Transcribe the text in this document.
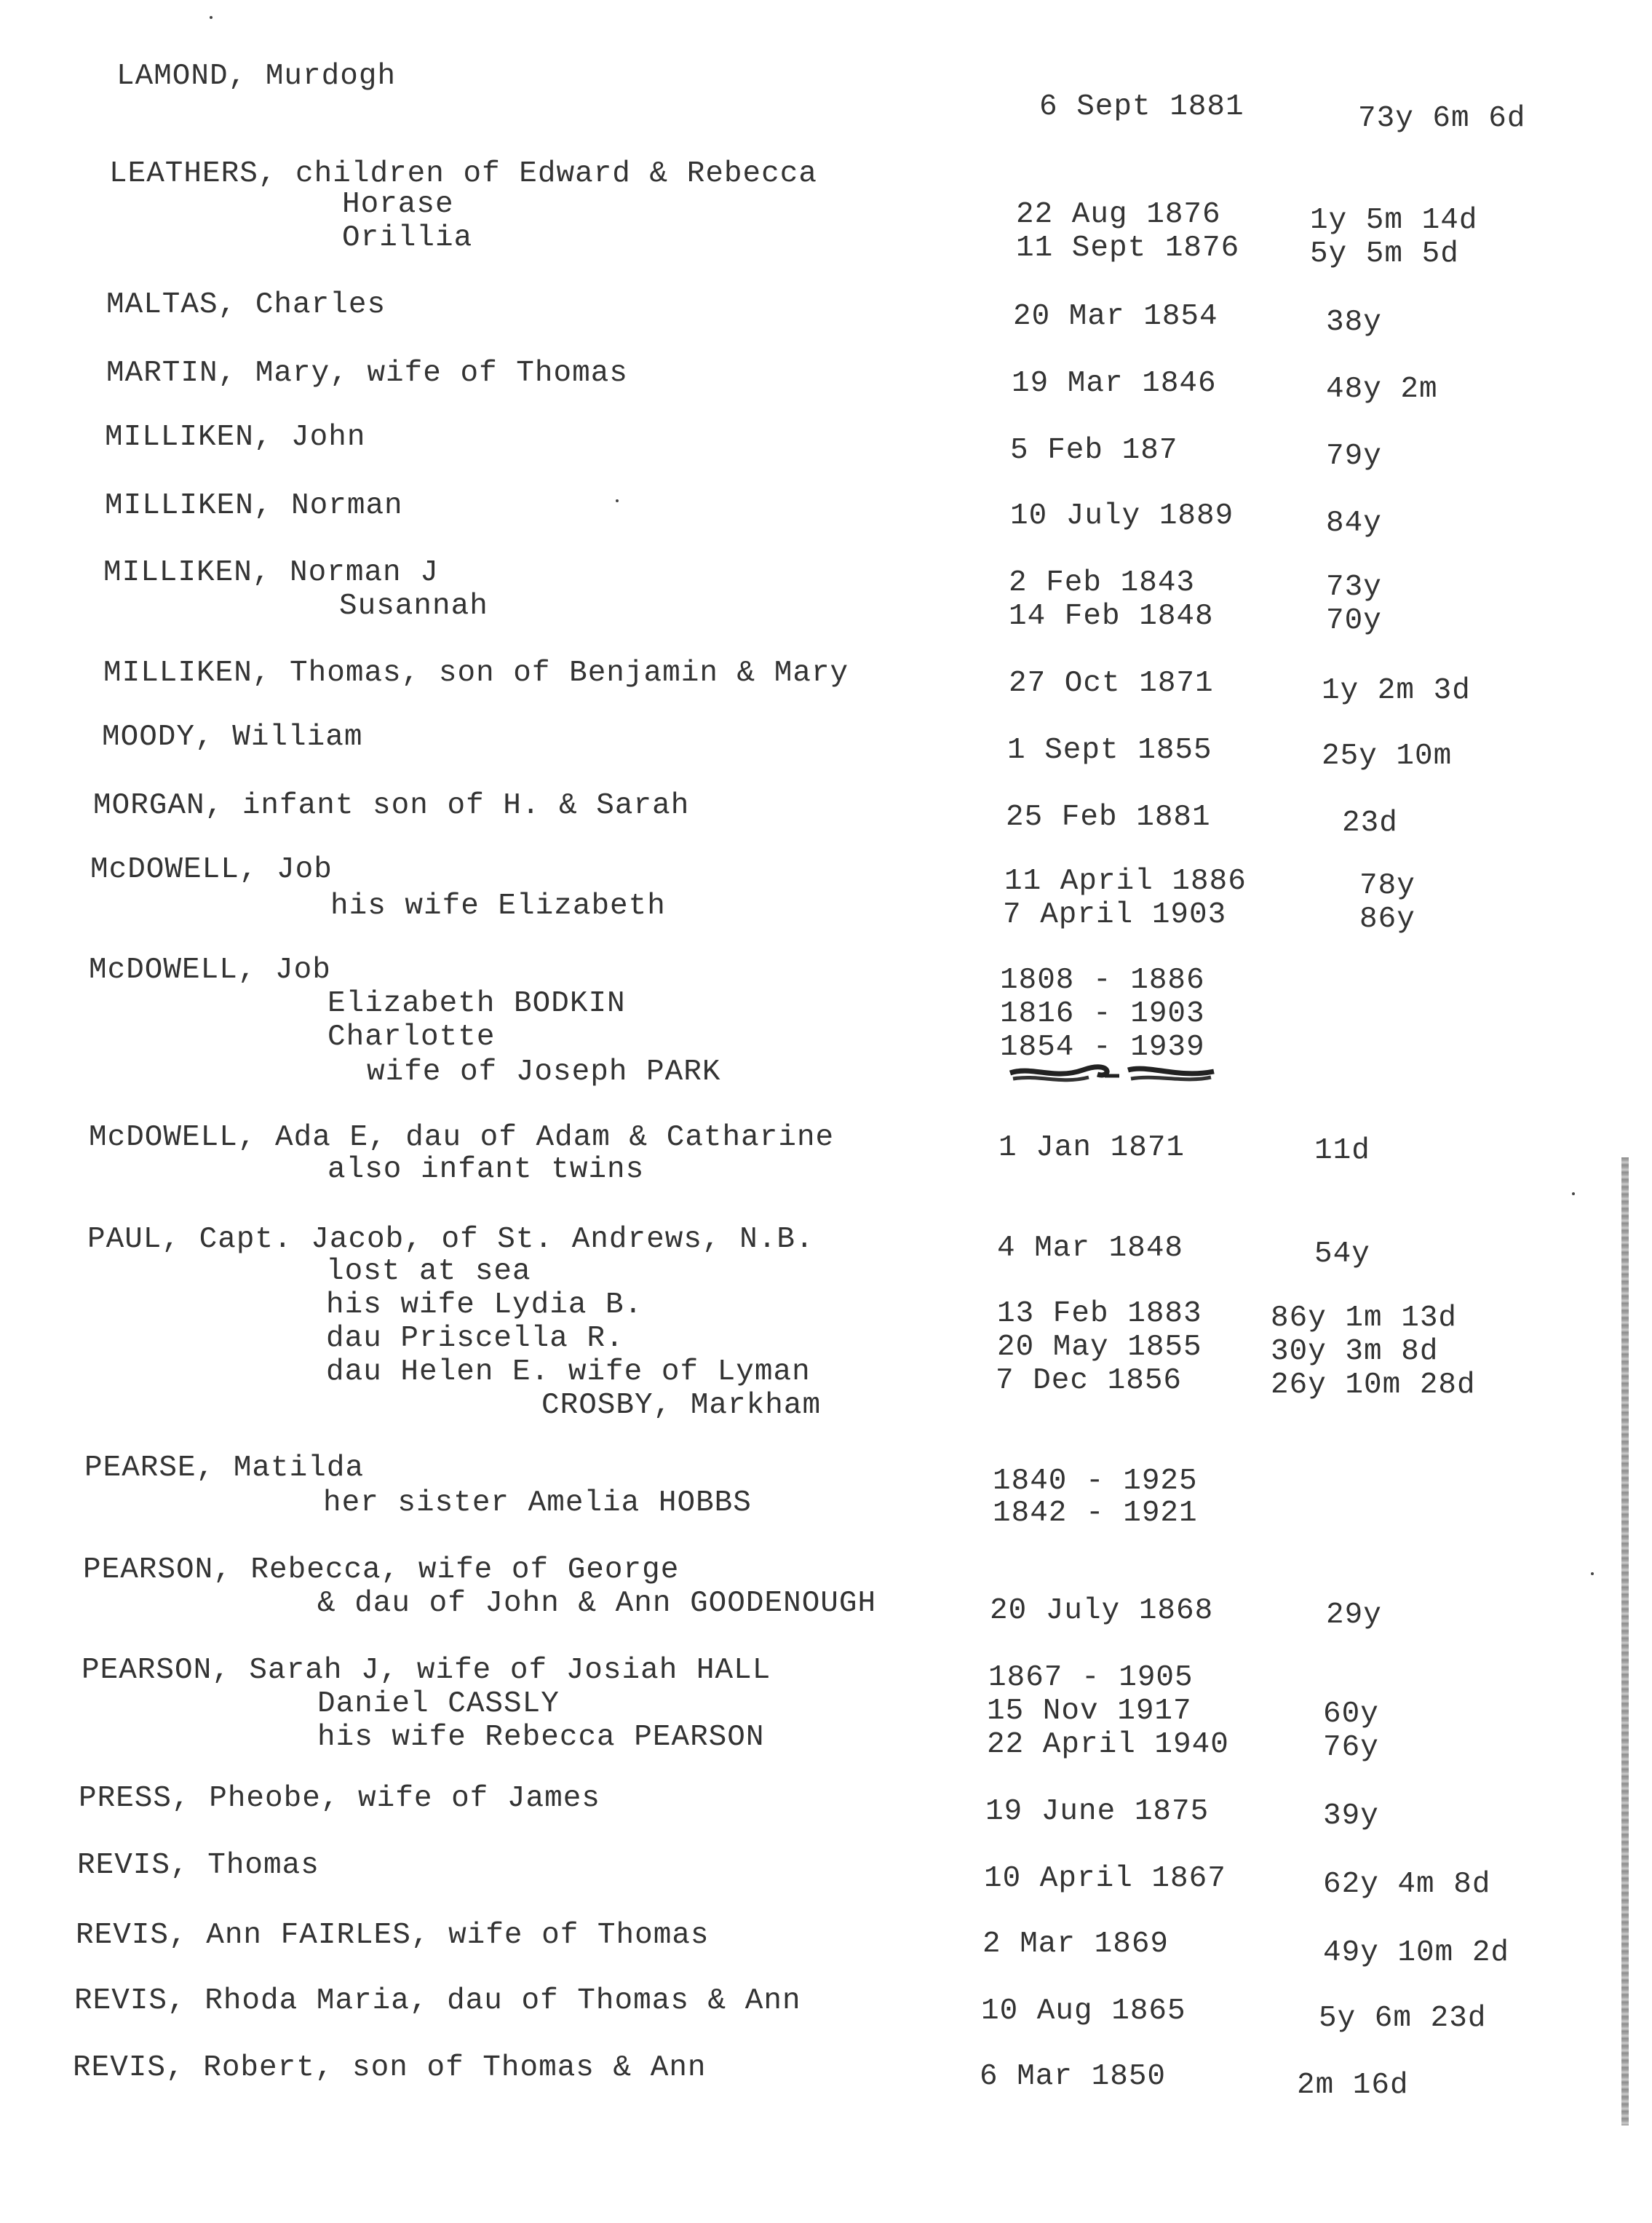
LAMOND, Murdogh
6 Sept 1881	73y 6m 6d
LEATHERS, children of Edward & Rebecca
Horase	22 Aug 1876	1y 5m 14d
Orillia	11 Sept 1876 5y 5m 5d
MALTAS, Charles	20 Mar 1854	38y
MARTIN, Mary, wife of Thomas	19 Mar 1846	48y 2m
MILLIKEN, John	5 Feb 187	79y
MILLIKEN, Norman	10 July 1889	84y
MILLIKEN, Norman J	2 Feb 1843	73y
Susannah	14 Feb 1848	70y
MILLIKEN, Thomas, son of Benjamin & Mary	27 Oct 1871	1y 2m 3d
MOODY, William	1 Sept 1855	25y 10m
MORGAN, infant son of H. & Sarah	25 Feb 1881	23d
McDOWELL, Job	11 April 1886	78y
his wife Elizabeth	7 April 1903	86y
McDOWELL, Job	1808 - 1886
Elizabeth BODKIN	1816 - 1903
Charlotte	1854 - 1939
wife of Joseph PARK
McDOWELL, Ada E, dau of Adam & Catharine	1 Jan 1871	11d
also infant twins
PAUL, Capt. Jacob, of St. Andrews, N.B.	4 Mar 1848	54y
lost at sea
his wife Lydia B.	13 Feb 1883 86y 1m 13d
dau Priscella R.	20 May 1855 30y 3m 8d
dau Helen E. wife of Lyman	7 Dec 1856	26y 10m 28d
CROSBY, Markham
PEARSE, Matilda	1840 - 1925
her sister Amelia HOBBS	1842 - 1921
PEARSON, Rebecca, wife of George
& dau of John & Ann GOODENOUGH	20 July 1868	29y
PEARSON, Sarah J, wife of Josiah HALL	1867 - 1905
Daniel CASSLY	15 Nov 1917	60y
his wife Rebecca PEARSON	22 April 1940	76y
PRESS, Pheobe, wife of James	19 June 1875	39y
REVIS, Thomas	10 April 1867	62y 4m 8d
REVIS, Ann FAIRLES, wife of Thomas	2 Mar 1869	49y 10m 2d
REVIS, Rhoda Maria, dau of Thomas & Ann	10 Aug 1865	5y 6m 23d
REVIS, Robert, son of Thomas & Ann	6 Mar 1850	2m 16d
